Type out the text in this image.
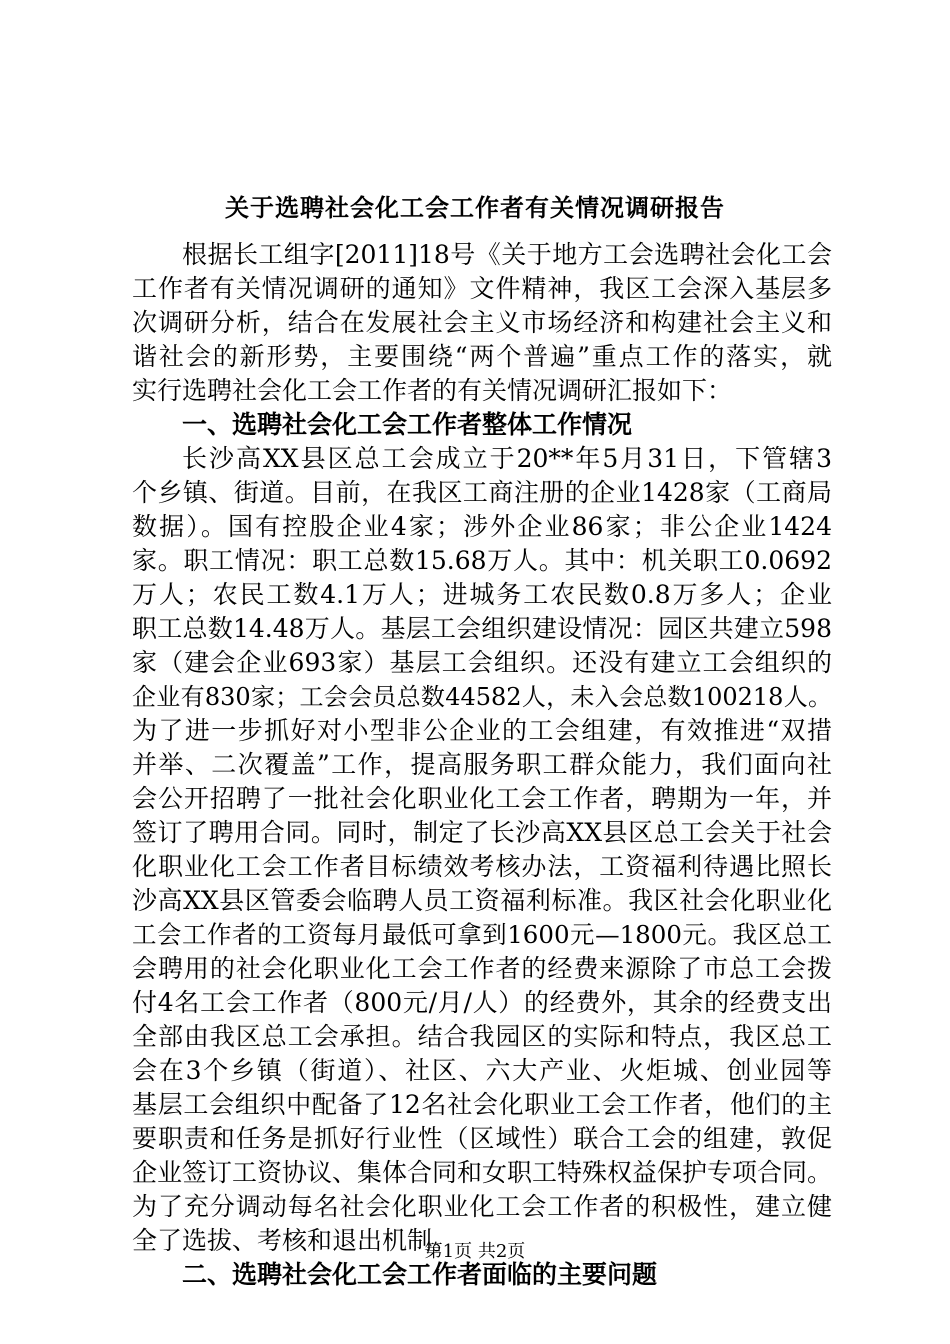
关于选聘社会化工会工作者有关情况调研报告
根据长工组字[2011]18号《关于地方工会选聘社会化工会
工作者有关情况调研的通知》文件精神，我区工会深入基层多
次调研分析，结合在发展社会主义市场经济和构建社会主义和
谐社会的新形势，主要围绕“两个普遍”重点工作的落实，就
实行选聘社会化工会工作者的有关情况调研汇报如下：
一、选聘社会化工会工作者整体工作情况
长沙高XX县区总工会成立于20**年5月31日，下管辖3
个乡镇、街道。目前，在我区工商注册的企业1428家（工商局
数据）。国有控股企业4家；涉外企业86家；非公企业1424
家。职工情况：职工总数15.68万人。其中：机关职工0.0692
万人；农民工数4.1万人；进城务工农民数0.8万多人；企业
职工总数14.48万人。基层工会组织建设情况：园区共建立598
家（建会企业693家）基层工会组织。还没有建立工会组织的
企业有830家；工会会员总数44582人，未入会总数100218人。
为了进一步抓好对小型非公企业的工会组建，有效推进“双措
并举、二次覆盖”工作，提高服务职工群众能力，我们面向社
会公开招聘了一批社会化职业化工会工作者，聘期为一年，并
签订了聘用合同。同时，制定了长沙高XX县区总工会关于社会
化职业化工会工作者目标绩效考核办法，工资福利待遇比照长
沙高XX县区管委会临聘人员工资福利标准。我区社会化职业化
工会工作者的工资每月最低可拿到1600元—1800元。我区总工
会聘用的社会化职业化工会工作者的经费来源除了市总工会拨
付4名工会工作者（800元/月/人）的经费外，其余的经费支出
全部由我区总工会承担。结合我园区的实际和特点，我区总工
会在3个乡镇（街道）、社区、六大产业、火炬城、创业园等
基层工会组织中配备了12名社会化职业工会工作者，他们的主
要职责和任务是抓好行业性（区域性）联合工会的组建，敦促
企业签订工资协议、集体合同和女职工特殊权益保护专项合同。
为了充分调动每名社会化职业化工会工作者的积极性，建立健
全了选拔、考核和退出机制。
二、选聘社会化工会工作者面临的主要问题
第1页 共2页
